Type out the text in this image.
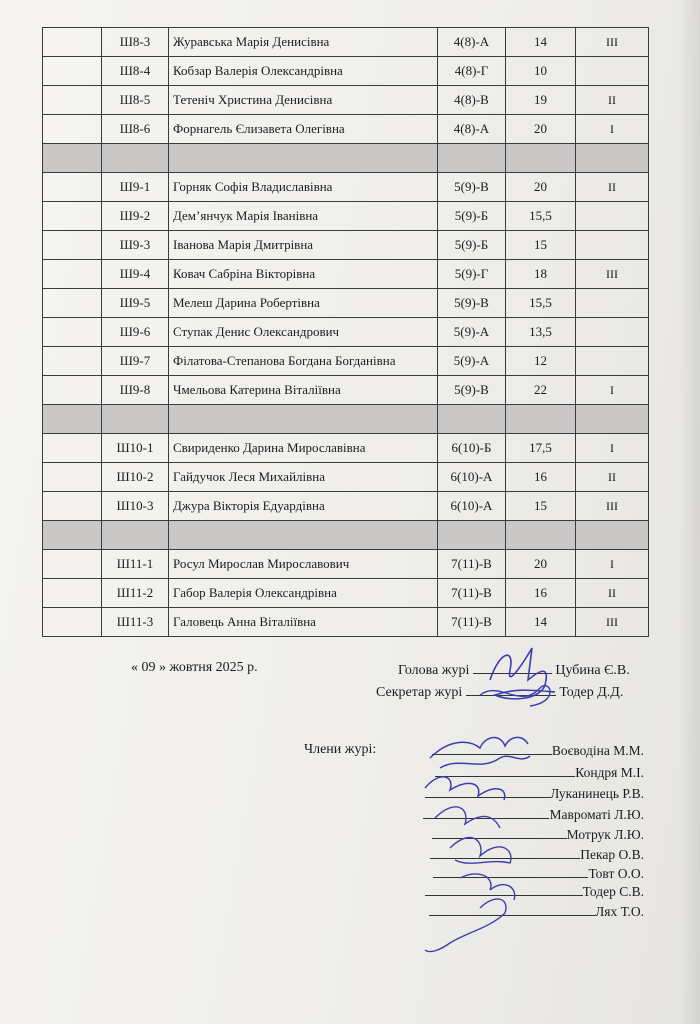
	Ш8-3	Журавська Марія Денисівна	4(8)-А	14	III
	Ш8-4	Кобзар Валерія Олександрівна	4(8)-Г	10	
	Ш8-5	Тетеніч Христина Денисівна	4(8)-В	19	II
	Ш8-6	Форнагель Єлизавета Олегівна	4(8)-А	20	I

	Ш9-1	Горняк Софія Владиславівна	5(9)-В	20	II
	Ш9-2	Дем’янчук Марія Іванівна	5(9)-Б	15,5	
	Ш9-3	Іванова Марія Дмитрівна	5(9)-Б	15	
	Ш9-4	Ковач Сабріна Вікторівна	5(9)-Г	18	III
	Ш9-5	Мелеш Дарина Робертівна	5(9)-В	15,5	
	Ш9-6	Ступак Денис Олександрович	5(9)-А	13,5	
	Ш9-7	Філатова-Степанова Богдана Богданівна	5(9)-А	12	
	Ш9-8	Чмельова Катерина Віталіївна	5(9)-В	22	I

	Ш10-1	Свириденко Дарина Мирославівна	6(10)-Б	17,5	I
	Ш10-2	Гайдучок Леся Михайлівна	6(10)-А	16	II
	Ш10-3	Джура Вікторія Едуардівна	6(10)-А	15	III

	Ш11-1	Росул Мирослав Мирославович	7(11)-В	20	I
	Ш11-2	Габор Валерія Олександрівна	7(11)-В	16	II
	Ш11-3	Галовець Анна Віталіївна	7(11)-В	14	III
« 09 » жовтня 2025 р.	Голова журі	Цубина Є.В.
Секретар журі	Тодер Д.Д.
Члени журі:	Воєводіна М.М.
Кондря М.І.
Луканинець Р.В.
Мавроматі Л.Ю.
Мотрук Л.Ю.
Пекар О.В.
Товт О.О.
Тодер С.В.
Лях Т.О.
